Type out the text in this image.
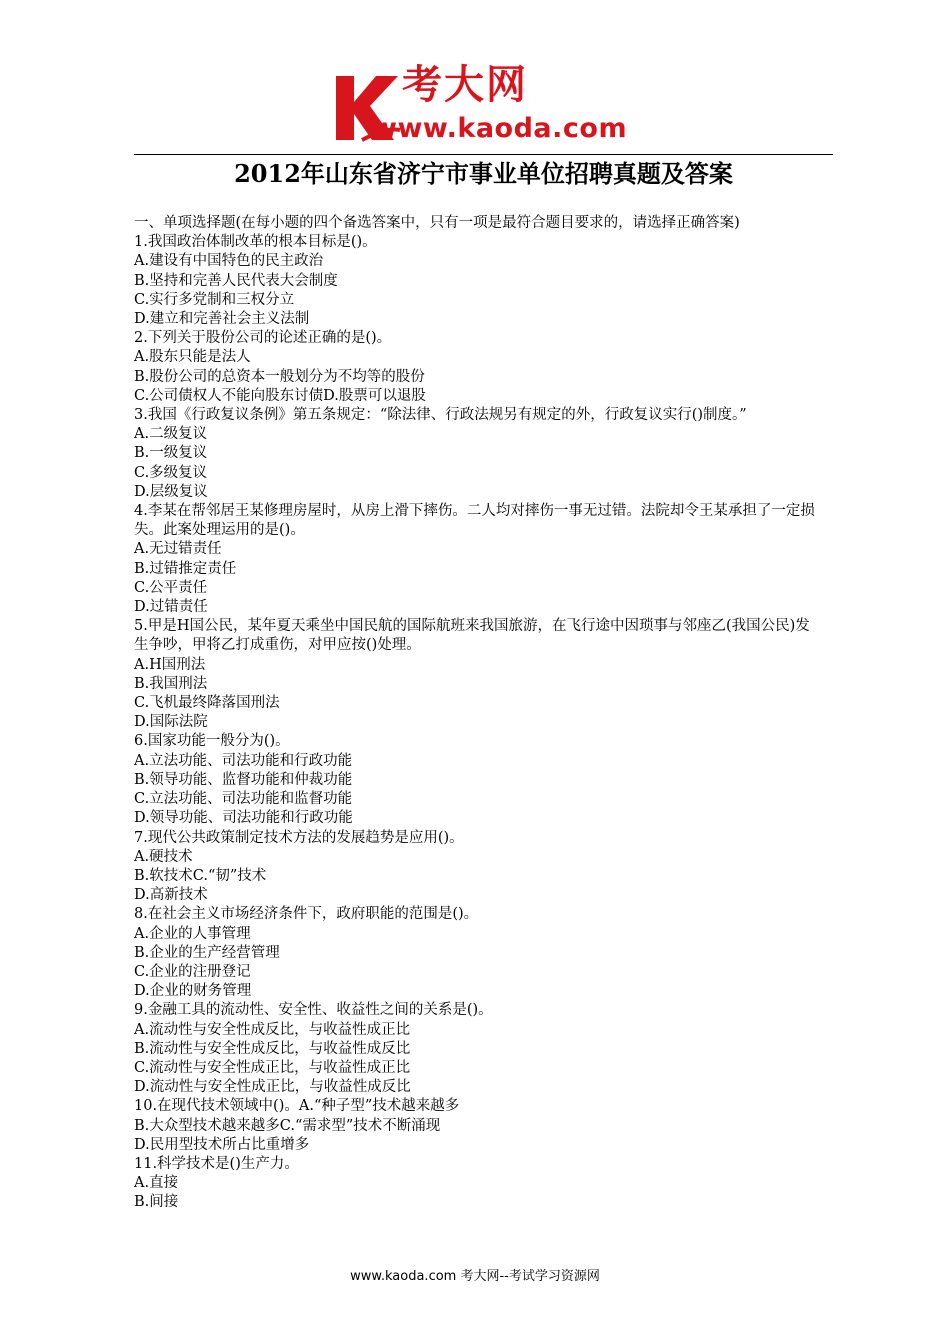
考大网
www.kaoda.com
2012年山东省济宁市事业单位招聘真题及答案

一、单项选择题(在每小题的四个备选答案中，只有一项是最符合题目要求的，请选择正确答案)

1.我国政治体制改革的根本目标是()。

A.建设有中国特色的民主政治

B.坚持和完善人民代表大会制度

C.实行多党制和三权分立

D.建立和完善社会主义法制

2.下列关于股份公司的论述正确的是()。

A.股东只能是法人

B.股份公司的总资本一般划分为不均等的股份

C.公司债权人不能向股东讨债D.股票可以退股

3.我国《行政复议条例》第五条规定：“除法律、行政法规另有规定的外，行政复议实行()制度。”

A.二级复议

B.一级复议

C.多级复议

D.层级复议

4.李某在帮邻居王某修理房屋时，从房上滑下摔伤。二人均对摔伤一事无过错。法院却令王某承担了一定损失。此案处理运用的是()。

A.无过错责任

B.过错推定责任

C.公平责任

D.过错责任

5.甲是H国公民，某年夏天乘坐中国民航的国际航班来我国旅游，在飞行途中因琐事与邻座乙(我国公民)发生争吵，甲将乙打成重伤，对甲应按()处理。

A.H国刑法

B.我国刑法

C.飞机最终降落国刑法

D.国际法院

6.国家功能一般分为()。

A.立法功能、司法功能和行政功能

B.领导功能、监督功能和仲裁功能

C.立法功能、司法功能和监督功能

D.领导功能、司法功能和行政功能

7.现代公共政策制定技术方法的发展趋势是应用()。

A.硬技术

B.软技术C.“韧”技术

D.高新技术

8.在社会主义市场经济条件下，政府职能的范围是()。

A.企业的人事管理

B.企业的生产经营管理

C.企业的注册登记

D.企业的财务管理

9.金融工具的流动性、安全性、收益性之间的关系是()。

A.流动性与安全性成反比，与收益性成正比

B.流动性与安全性成反比，与收益性成反比

C.流动性与安全性成正比，与收益性成正比

D.流动性与安全性成正比，与收益性成反比

10.在现代技术领域中()。A.“种子型”技术越来越多

B.大众型技术越来越多C.“需求型”技术不断涌现

D.民用型技术所占比重增多

11.科学技术是()生产力。

A.直接

B.间接

www.kaoda.com 考大网--考试学习资源网
